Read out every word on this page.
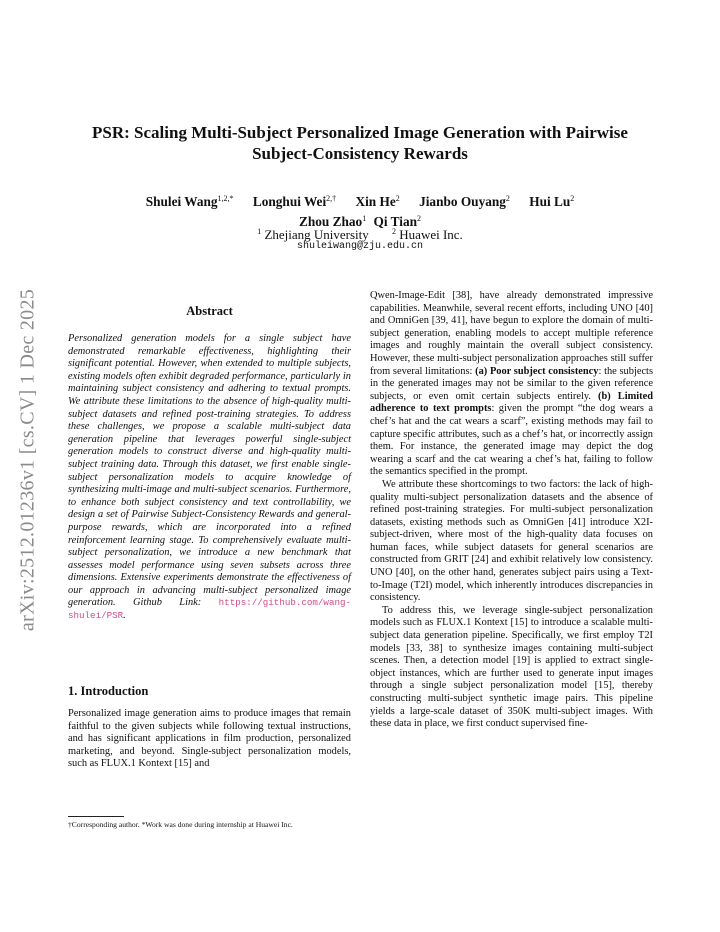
arXiv:2512.01236v1 [cs.CV] 1 Dec 2025
PSR: Scaling Multi-Subject Personalized Image Generation with Pairwise Subject-Consistency Rewards
Shulei Wang$^{1,2,*}$ Longhui Wei$^{2,\dagger}$ Xin He$^2$ Jianbo Ouyang$^2$ Hui Lu$^2$
Zhou Zhao$^1$ Qi Tian$^2$
$^1$ Zhejiang University	$^2$ Huawei Inc.
shuleiwang@zju.edu.cn
Abstract
Personalized generation models for a single subject have demonstrated remarkable effectiveness, highlighting their significant potential. However, when extended to multiple subjects, existing models often exhibit degraded performance, particularly in maintaining subject consistency and adhering to textual prompts. We attribute these limitations to the absence of high-quality multi-subject datasets and refined post-training strategies. To address these challenges, we propose a scalable multi-subject data generation pipeline that leverages powerful single-subject generation models to construct diverse and high-quality multi-subject training data. Through this dataset, we first enable single-subject personalization models to acquire knowledge of synthesizing multi-image and multi-subject scenarios. Furthermore, to enhance both subject consistency and text controllability, we design a set of Pairwise Subject-Consistency Rewards and general-purpose rewards, which are incorporated into a refined reinforcement learning stage. To comprehensively evaluate multi-subject personalization, we introduce a new benchmark that assesses model performance using seven subsets across three dimensions. Extensive experiments demonstrate the effectiveness of our approach in advancing multi-subject personalized image generation. Github Link: https://github.com/wang-shulei/PSR.
1. Introduction
Personalized image generation aims to produce images that remain faithful to the given subjects while following textual instructions, and has significant applications in film production, personalized marketing, and beyond. Single-subject personalization models, such as FLUX.1 Kontext [15] and
†Corresponding author. *Work was done during internship at Huawei Inc.

Qwen-Image-Edit [38], have already demonstrated impressive capabilities. Meanwhile, several recent efforts, including UNO [40] and OmniGen [39, 41], have begun to explore the domain of multi-subject generation, enabling models to accept multiple reference images and roughly maintain the overall subject consistency. However, these multi-subject personalization approaches still suffer from several limitations: (a) Poor subject consistency: the subjects in the generated images may not be similar to the given reference subjects, or even omit certain subjects entirely. (b) Limited adherence to text prompts: given the prompt “the dog wears a chef’s hat and the cat wears a scarf”, existing methods may fail to capture specific attributes, such as a chef’s hat, or incorrectly assign them. For instance, the generated image may depict the dog wearing a scarf and the cat wearing a chef’s hat, failing to follow the semantics specified in the prompt.

We attribute these shortcomings to two factors: the lack of high-quality multi-subject personalization datasets and the absence of refined post-training strategies. For multi-subject personalization datasets, existing methods such as OmniGen [41] introduce X2I-subject-driven, where most of the high-quality data focuses on human faces, while subject datasets for general scenarios are constructed from GRIT [24] and exhibit relatively low consistency. UNO [40], on the other hand, generates subject pairs using a Text-to-Image (T2I) model, which inherently introduces discrepancies in consistency.

To address this, we leverage single-subject personalization models such as FLUX.1 Kontext [15] to introduce a scalable multi-subject data generation pipeline. Specifically, we first employ T2I models [33, 38] to synthesize images containing multi-subject scenes. Then, a detection model [19] is applied to extract single-object instances, which are further used to generate input images through a single subject personalization model [15], thereby constructing multi-subject synthetic image pairs. This pipeline yields a large-scale dataset of 350K multi-subject images. With these data in place, we first conduct supervised fine-
